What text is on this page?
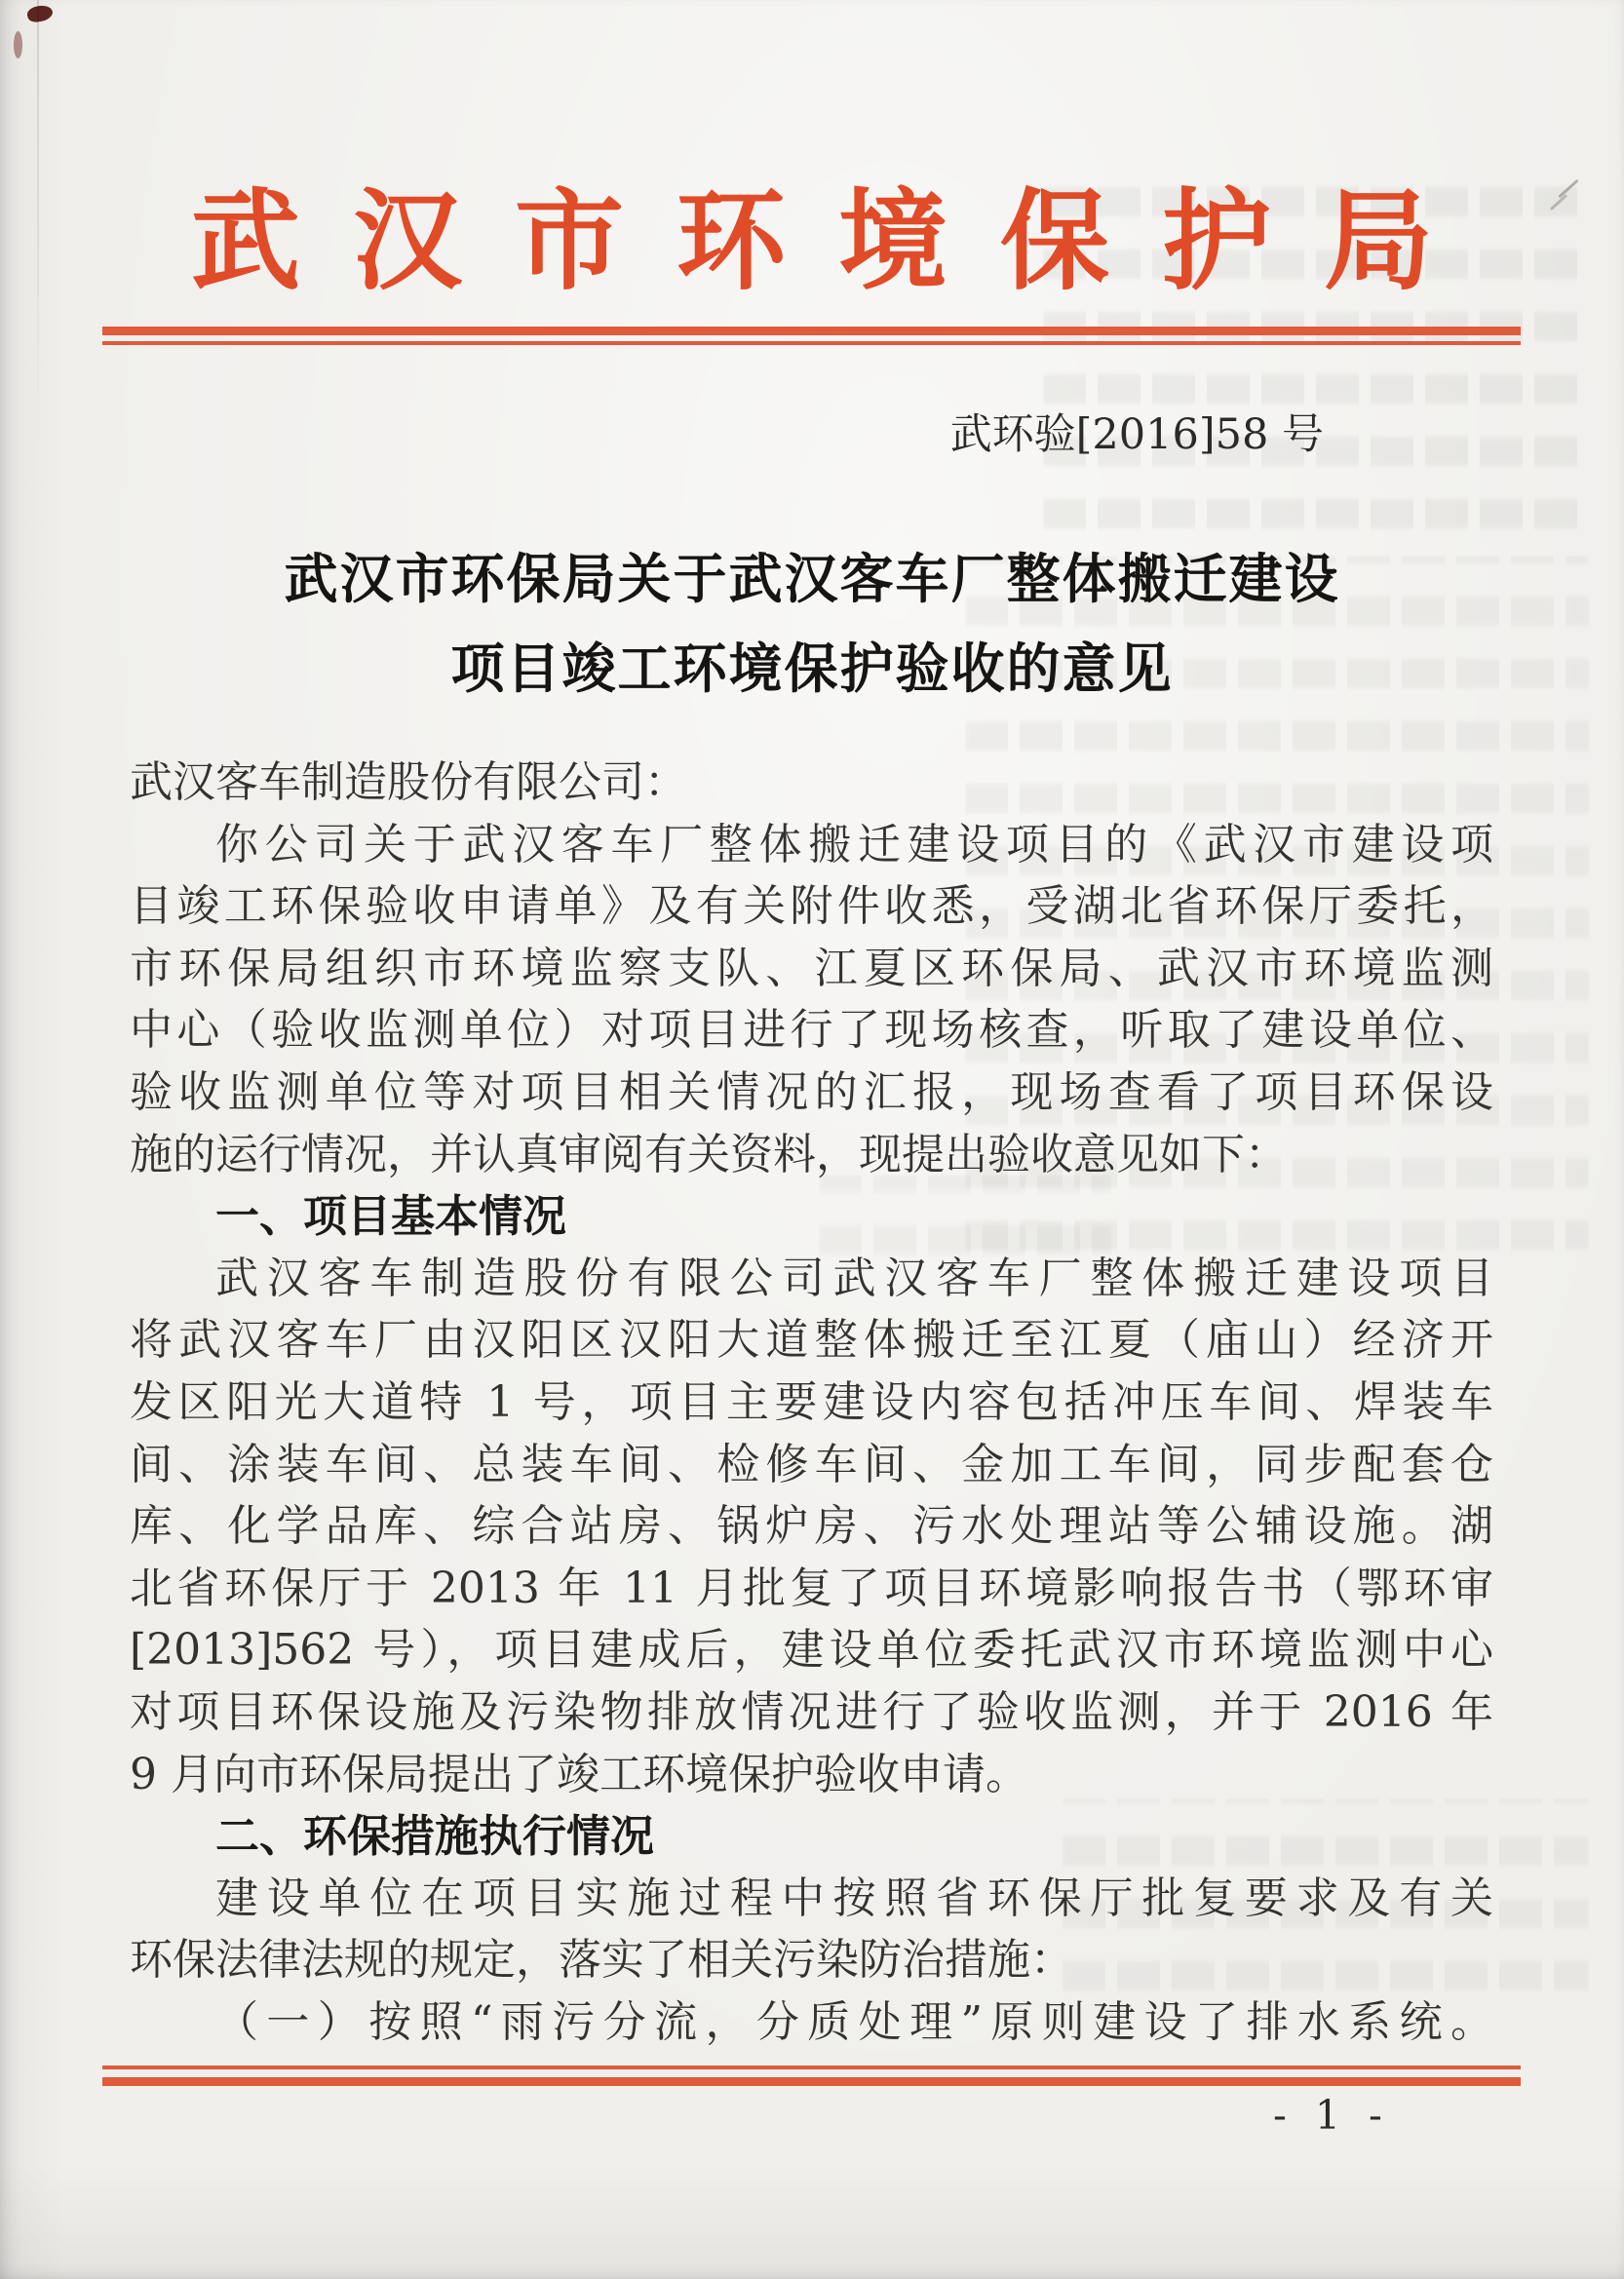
武汉市环境保护局
武环验[2016]58 号
武汉市环保局关于武汉客车厂整体搬迁建设
项目竣工环境保护验收的意见
武汉客车制造股份有限公司：
你公司关于武汉客车厂整体搬迁建设项目的《武汉市建设项
目竣工环保验收申请单》及有关附件收悉，受湖北省环保厅委托，
市环保局组织市环境监察支队、江夏区环保局、武汉市环境监测
中心（验收监测单位）对项目进行了现场核查，听取了建设单位、
验收监测单位等对项目相关情况的汇报，现场查看了项目环保设
施的运行情况，并认真审阅有关资料，现提出验收意见如下：
一、项目基本情况
武汉客车制造股份有限公司武汉客车厂整体搬迁建设项目
将武汉客车厂由汉阳区汉阳大道整体搬迁至江夏（庙山）经济开
发区阳光大道特 1 号，项目主要建设内容包括冲压车间、焊装车
间、涂装车间、总装车间、检修车间、金加工车间，同步配套仓
库、化学品库、综合站房、锅炉房、污水处理站等公辅设施。湖
北省环保厅于 2013 年 11 月批复了项目环境影响报告书（鄂环审
[2013]562 号），项目建成后，建设单位委托武汉市环境监测中心
对项目环保设施及污染物排放情况进行了验收监测，并于 2016 年
9 月向市环保局提出了竣工环境保护验收申请。
二、环保措施执行情况
建设单位在项目实施过程中按照省环保厅批复要求及有关
环保法律法规的规定，落实了相关污染防治措施：
（一）按照“雨污分流，分质处理”原则建设了排水系统。
- 1 -
